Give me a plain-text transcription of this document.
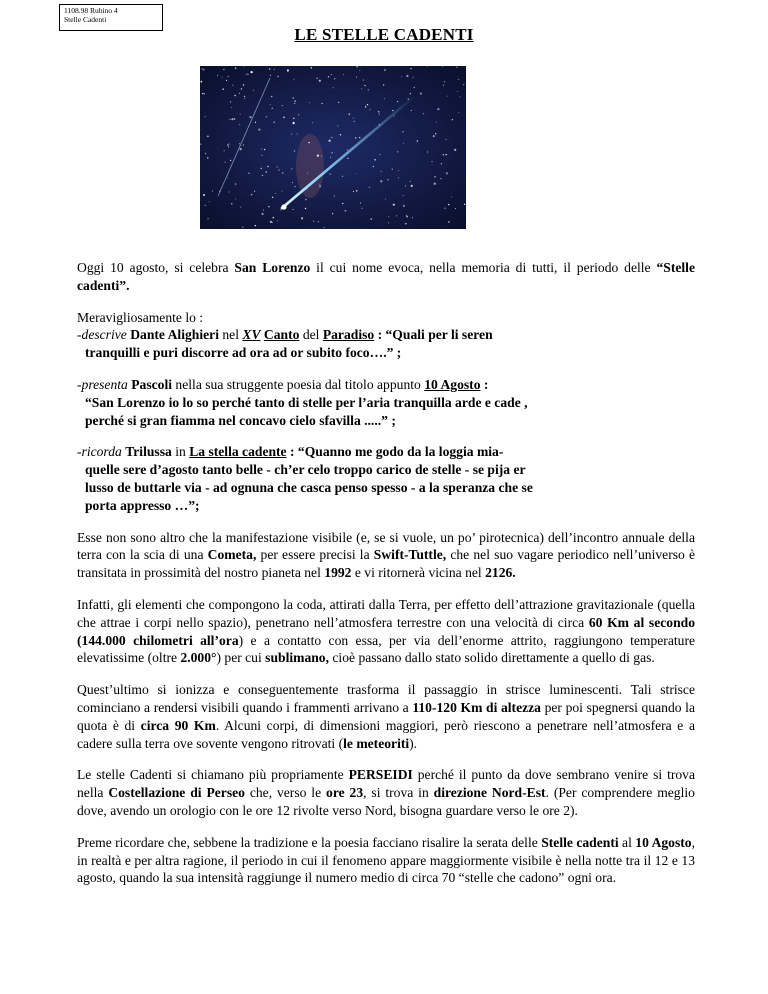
1108.98 Rubino 4
Stelle Cadenti
LE STELLE CADENTI

Oggi 10 agosto, si celebra San Lorenzo il cui nome evoca, nella memoria di tutti, il periodo delle “Stelle cadenti”.

Meravigliosamente lo :
-descrive Dante Alighieri nel XV Canto del Paradiso : “Quali per li seren
tranquilli e puri discorre ad ora ad or subito foco….” ;

-presenta Pascoli nella sua struggente poesia dal titolo appunto 10 Agosto :
“San Lorenzo io lo so perché tanto di stelle per l’aria tranquilla arde e cade ,
perché si gran fiamma nel concavo cielo sfavilla .....” ;

-ricorda Trilussa in La stella cadente : “Quanno me godo da la loggia mia-
quelle sere d’agosto tanto belle - ch’er celo troppo carico de stelle - se pija er
lusso de buttarle via - ad ognuna che casca penso spesso - a la speranza che se
porta appresso …”;

Esse non sono altro che la manifestazione visibile (e, se si vuole, un po’ pirotecnica) dell’incontro annuale della terra con la scia di una Cometa, per essere precisi la Swift-Tuttle, che nel suo vagare periodico nell’universo è transitata in prossimità del nostro pianeta nel 1992 e vi ritornerà vicina nel 2126.

Infatti, gli elementi che compongono la coda, attirati dalla Terra, per effetto dell’attrazione gravitazionale (quella che attrae i corpi nello spazio), penetrano nell’atmosfera terrestre con una velocità di circa 60 Km al secondo (144.000 chilometri all’ora) e a contatto con essa, per via dell’enorme attrito, raggiungono temperature elevatissime (oltre 2.000°) per cui sublimano, cioè passano dallo stato solido direttamente a quello di gas.

Quest’ultimo si ionizza e conseguentemente trasforma il passaggio in strisce luminescenti. Tali strisce cominciano a rendersi visibili quando i frammenti arrivano a 110-120 Km di altezza per poi spegnersi quando la quota è di circa 90 Km. Alcuni corpi, di dimensioni maggiori, però riescono a penetrare nell’atmosfera e a cadere sulla terra ove sovente vengono ritrovati (le meteoriti).

Le stelle Cadenti si chiamano più propriamente PERSEIDI perché il punto da dove sembrano venire si trova nella Costellazione di Perseo che, verso le ore 23, si trova in direzione Nord-Est. (Per comprendere meglio dove, avendo un orologio con le ore 12 rivolte verso Nord, bisogna guardare verso le ore 2).

Preme ricordare che, sebbene la tradizione e la poesia facciano risalire la serata delle Stelle cadenti al 10 Agosto, in realtà e per altra ragione, il periodo in cui il fenomeno appare maggiormente visibile è nella notte tra il 12 e 13 agosto, quando la sua intensità raggiunge il numero medio di circa 70 “stelle che cadono” ogni ora.
